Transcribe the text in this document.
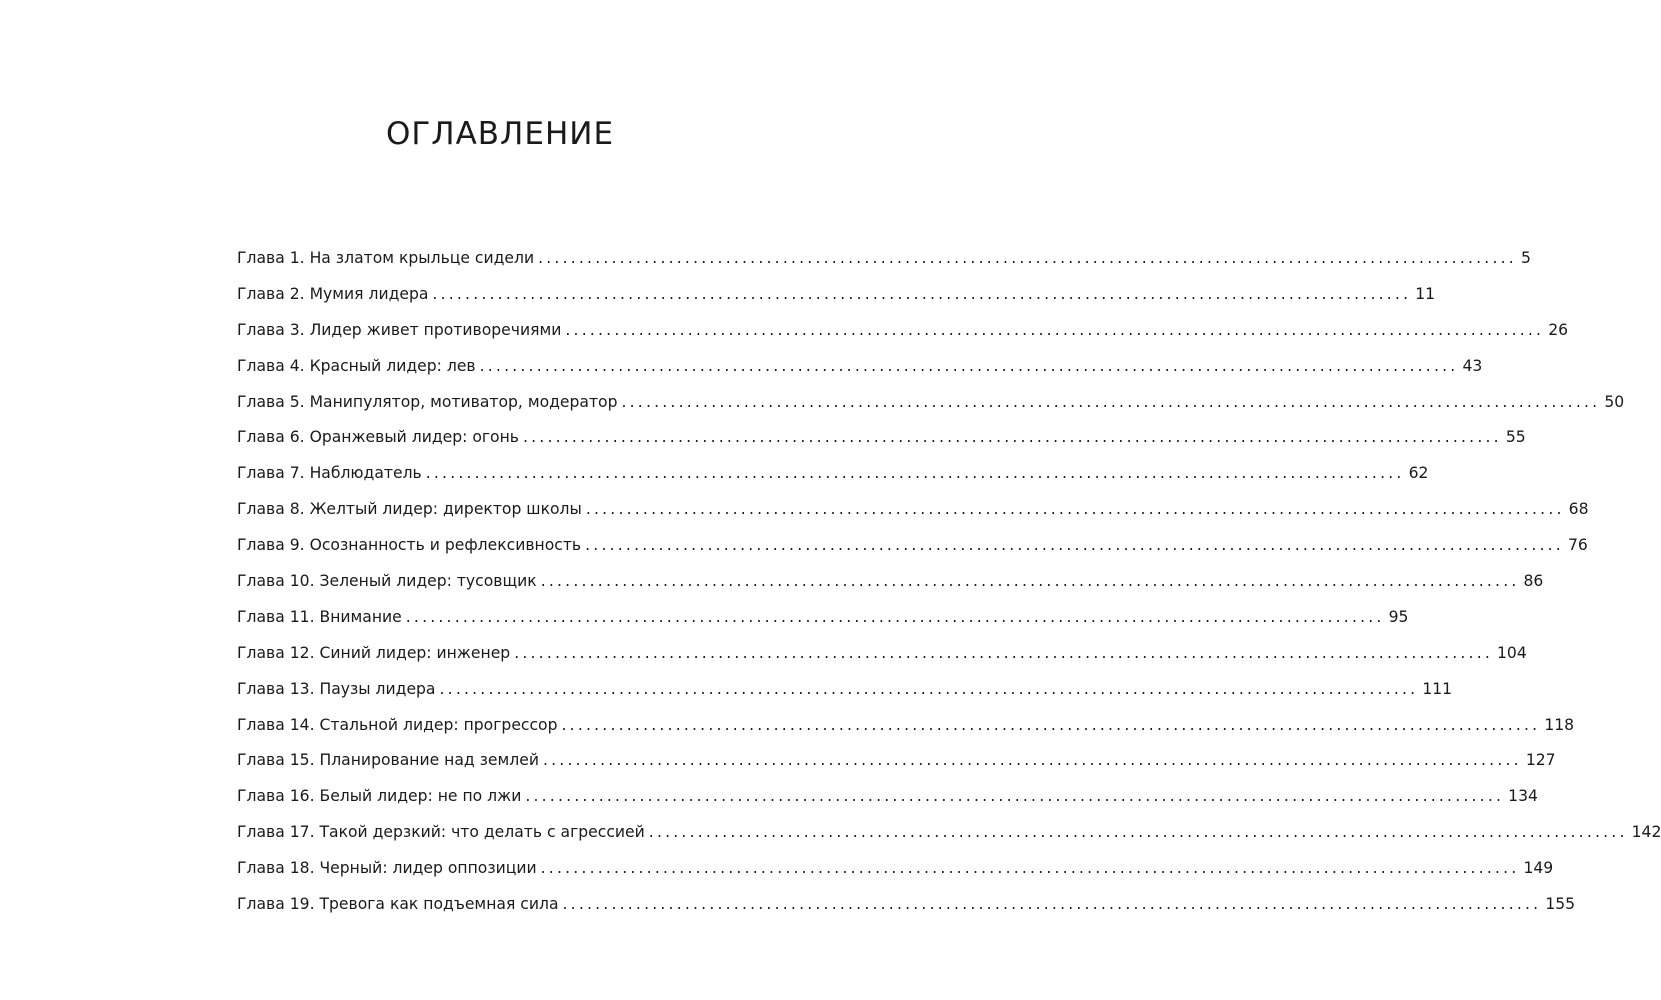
ОГЛАВЛЕНИЕ
Глава 1. На златом крыльце сидели ........................................................................................................................ 5
Глава 2. Мумия лидера ........................................................................................................................ 11
Глава 3. Лидер живет противоречиями ........................................................................................................................ 26
Глава 4. Красный лидер: лев ........................................................................................................................ 43
Глава 5. Манипулятор, мотиватор, модератор ........................................................................................................................ 50
Глава 6. Оранжевый лидер: огонь ........................................................................................................................ 55
Глава 7. Наблюдатель ........................................................................................................................ 62
Глава 8. Желтый лидер: директор школы ........................................................................................................................ 68
Глава 9. Осознанность и рефлексивность ........................................................................................................................ 76
Глава 10. Зеленый лидер: тусовщик ........................................................................................................................ 86
Глава 11. Внимание ........................................................................................................................ 95
Глава 12. Синий лидер: инженер ........................................................................................................................ 104
Глава 13. Паузы лидера ........................................................................................................................ 111
Глава 14. Стальной лидер: прогрессор ........................................................................................................................ 118
Глава 15. Планирование над землей ........................................................................................................................ 127
Глава 16. Белый лидер: не по лжи ........................................................................................................................ 134
Глава 17. Такой дерзкий: что делать с агрессией ........................................................................................................................ 142
Глава 18. Черный: лидер оппозиции ........................................................................................................................ 149
Глава 19. Тревога как подъемная сила ........................................................................................................................ 155
